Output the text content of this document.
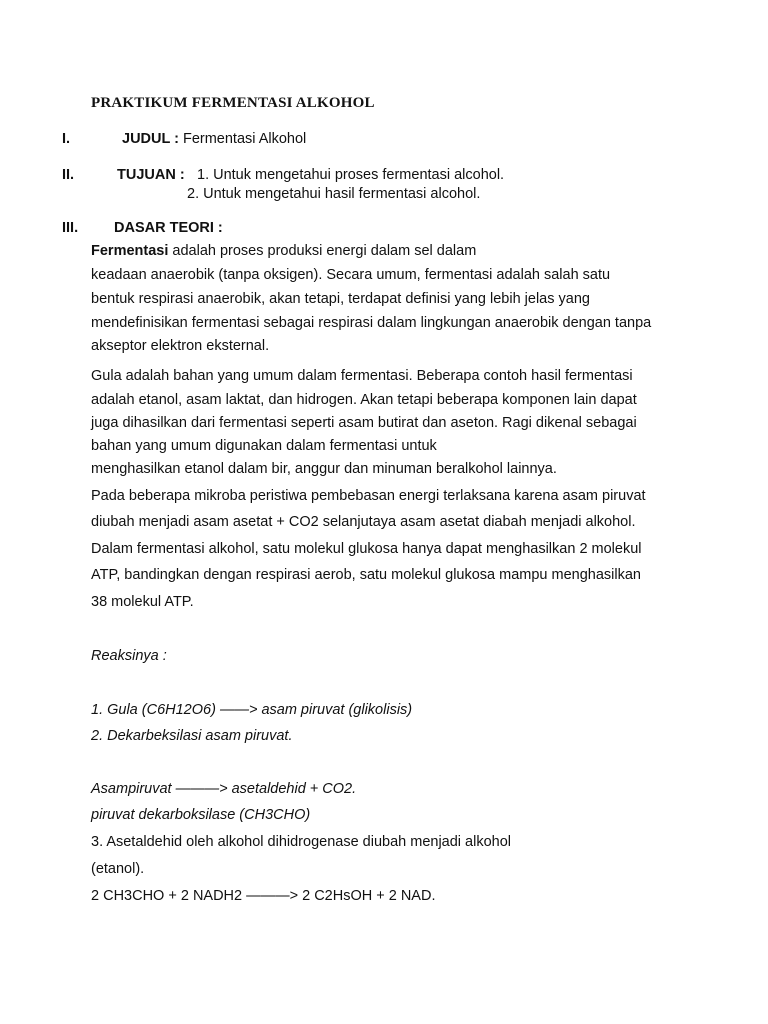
PRAKTIKUM FERMENTASI ALKOHOL
I.	JUDUL : Fermentasi Alkohol
II.	TUJUAN : 1. Untuk mengetahui proses fermentasi alcohol.
2. Untuk mengetahui hasil fermentasi alcohol.
III. DASAR TEORI :
Fermentasi adalah proses produksi energi dalam sel dalam
keadaan anaerobik (tanpa oksigen). Secara umum, fermentasi adalah salah satu
bentuk respirasi anaerobik, akan tetapi, terdapat definisi yang lebih jelas yang
mendefinisikan fermentasi sebagai respirasi dalam lingkungan anaerobik dengan tanpa
akseptor elektron eksternal.
Gula adalah bahan yang umum dalam fermentasi. Beberapa contoh hasil fermentasi
adalah etanol, asam laktat, dan hidrogen. Akan tetapi beberapa komponen lain dapat
juga dihasilkan dari fermentasi seperti asam butirat dan aseton. Ragi dikenal sebagai
bahan yang umum digunakan dalam fermentasi untuk
menghasilkan etanol dalam bir, anggur dan minuman beralkohol lainnya.
Pada beberapa mikroba peristiwa pembebasan energi terlaksana karena asam piruvat
diubah menjadi asam asetat + CO2 selanjutaya asam asetat diabah menjadi alkohol.
Dalam fermentasi alkohol, satu molekul glukosa hanya dapat menghasilkan 2 molekul
ATP, bandingkan dengan respirasi aerob, satu molekul glukosa mampu menghasilkan
38 molekul ATP.
Reaksinya :
1. Gula (C6H12O6) ——> asam piruvat (glikolisis)
2. Dekarbeksilasi asam piruvat.
Asampiruvat ———> asetaldehid + CO2.
piruvat dekarboksilase (CH3CHO)
3. Asetaldehid oleh alkohol dihidrogenase diubah menjadi alkohol
(etanol).
2 CH3CHO + 2 NADH2 ———> 2 C2HsOH + 2 NAD.
